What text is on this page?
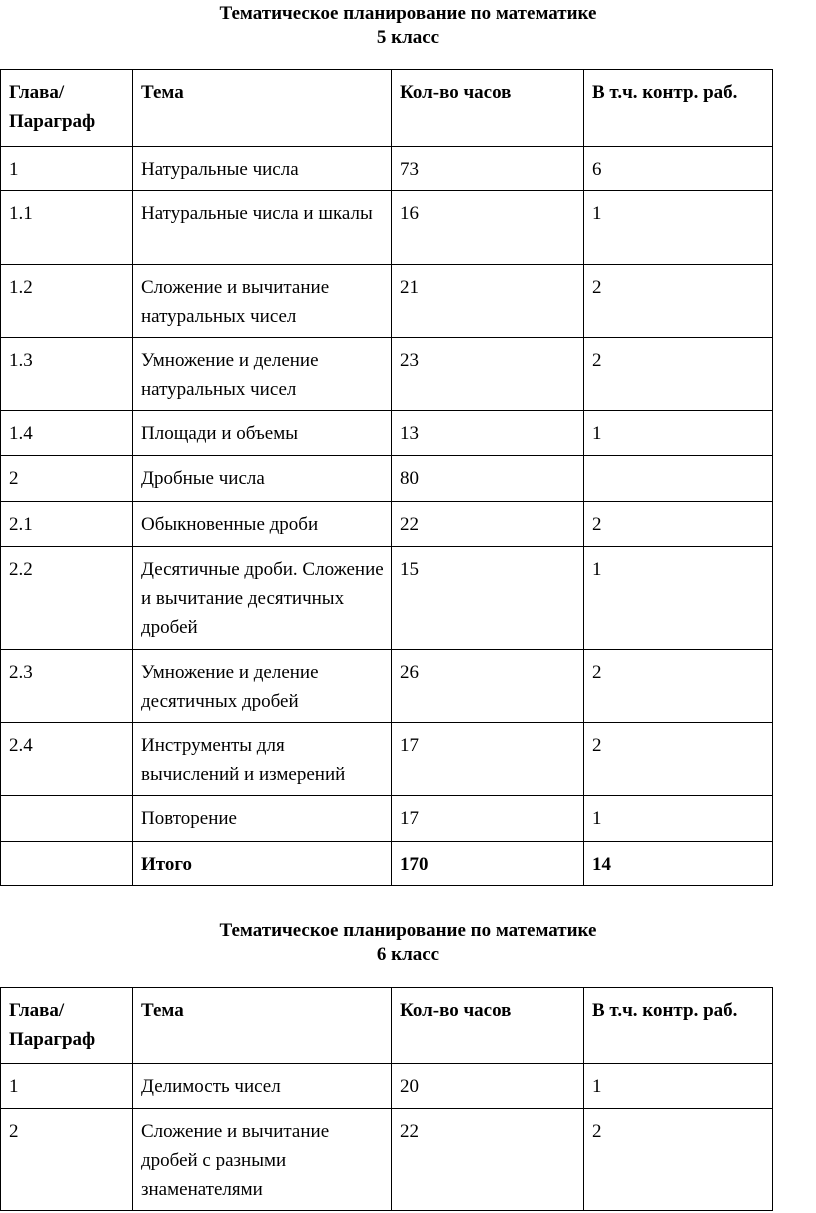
Тематическое планирование по математике
5 класс
Глава/Параграф	Тема	Кол-во часов	В т.ч. контр. раб.
1	Натуральные числа	73	6
1.1	Натуральные числа и шкалы	16	1
1.2	Сложение и вычитание натуральных чисел	21	2
1.3	Умножение и деление натуральных чисел	23	2
1.4	Площади и объемы	13	1
2	Дробные числа	80	
2.1	Обыкновенные дроби	22	2
2.2	Десятичные дроби. Сложение и вычитание десятичных дробей	15	1
2.3	Умножение и деление десятичных дробей	26	2
2.4	Инструменты для вычислений и измерений	17	2
	Повторение	17	1
	Итого	170	14
Тематическое планирование по математике
6 класс
Глава/Параграф	Тема	Кол-во часов	В т.ч. контр. раб.
1	Делимость чисел	20	1
2	Сложение и вычитание дробей с разными знаменателями	22	2
